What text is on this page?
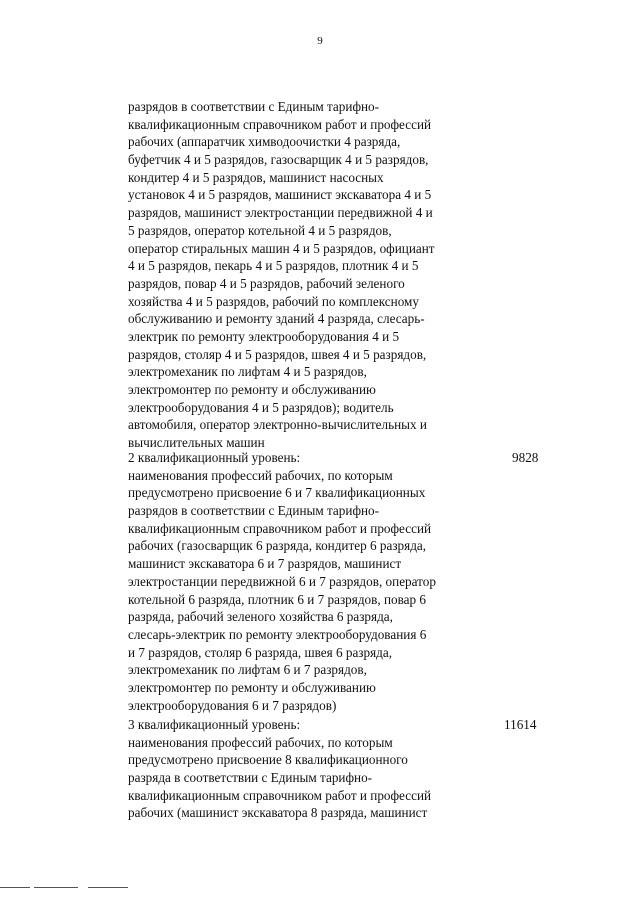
9
разрядов в соответствии с Единым тарифно-
квалификационным справочником работ и профессий
рабочих (аппаратчик химводоочистки 4 разряда,
буфетчик 4 и 5 разрядов, газосварщик 4 и 5 разрядов,
кондитер 4 и 5 разрядов, машинист насосных
установок 4 и 5 разрядов, машинист экскаватора 4 и 5
разрядов, машинист электростанции передвижной 4 и
5 разрядов, оператор котельной 4 и 5 разрядов,
оператор стиральных машин 4 и 5 разрядов, официант
4 и 5 разрядов, пекарь 4 и 5 разрядов, плотник 4 и 5
разрядов, повар 4 и 5 разрядов, рабочий зеленого
хозяйства 4 и 5 разрядов, рабочий по комплексному
обслуживанию и ремонту зданий 4 разряда, слесарь-
электрик по ремонту электрооборудования 4 и 5
разрядов, столяр 4 и 5 разрядов, швея 4 и 5 разрядов,
электромеханик по лифтам 4 и 5 разрядов,
электромонтер по ремонту и обслуживанию
электрооборудования 4 и 5 разрядов); водитель
автомобиля, оператор электронно-вычислительных и
вычислительных машин
2 квалификационный уровень:
наименования профессий рабочих, по которым
предусмотрено присвоение 6 и 7 квалификационных
разрядов в соответствии с Единым тарифно-
квалификационным справочником работ и профессий
рабочих (газосварщик 6 разряда, кондитер 6 разряда,
машинист экскаватора 6 и 7 разрядов, машинист
электростанции передвижной 6 и 7 разрядов, оператор
котельной 6 разряда, плотник 6 и 7 разрядов, повар 6
разряда, рабочий зеленого хозяйства 6 разряда,
слесарь-электрик по ремонту электрооборудования 6
и 7 разрядов, столяр 6 разряда, швея 6 разряда,
электромеханик по лифтам 6 и 7 разрядов,
электромонтер по ремонту и обслуживанию
электрооборудования 6 и 7 разрядов)
9828
3 квалификационный уровень:
наименования профессий рабочих, по которым
предусмотрено присвоение 8 квалификационного
разряда в соответствии с Единым тарифно-
квалификационным справочником работ и профессий
рабочих (машинист экскаватора 8 разряда, машинист
11614
